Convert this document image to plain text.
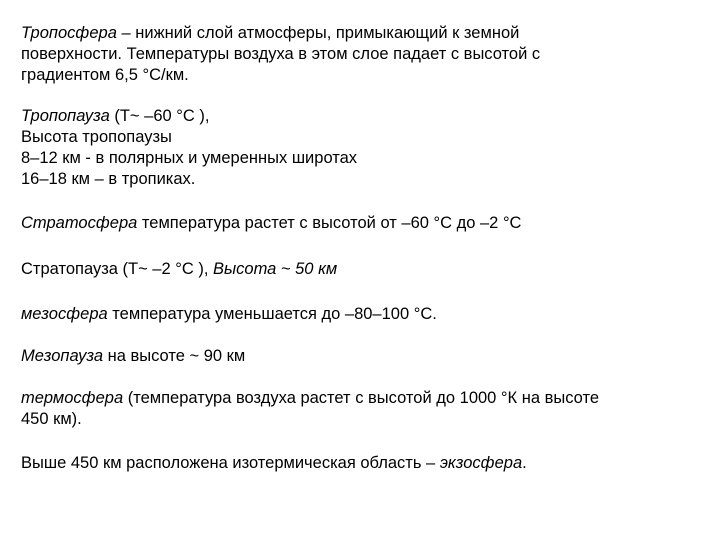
Тропосфера – нижний слой атмосферы, примыкающий к земной
поверхности. Температуры воздуха в этом слое падает с высотой с
градиентом 6,5 °С/км.
Тропопауза (Т~ –60 °С ),
Высота тропопаузы
8–12 км - в полярных и умеренных широтах
16–18 км – в тропиках.
Стратосфера температура растет с высотой от –60 °С до –2 °С
Стратопауза (Т~ –2 °С ), Высота ~ 50 км
мезосфера температура уменьшается до –80–100 °С.
Мезопауза на высоте ~ 90 км
термосфера (температура воздуха растет с высотой до 1000 °К на высоте
450 км).
Выше 450 км расположена изотермическая область – экзосфера.
